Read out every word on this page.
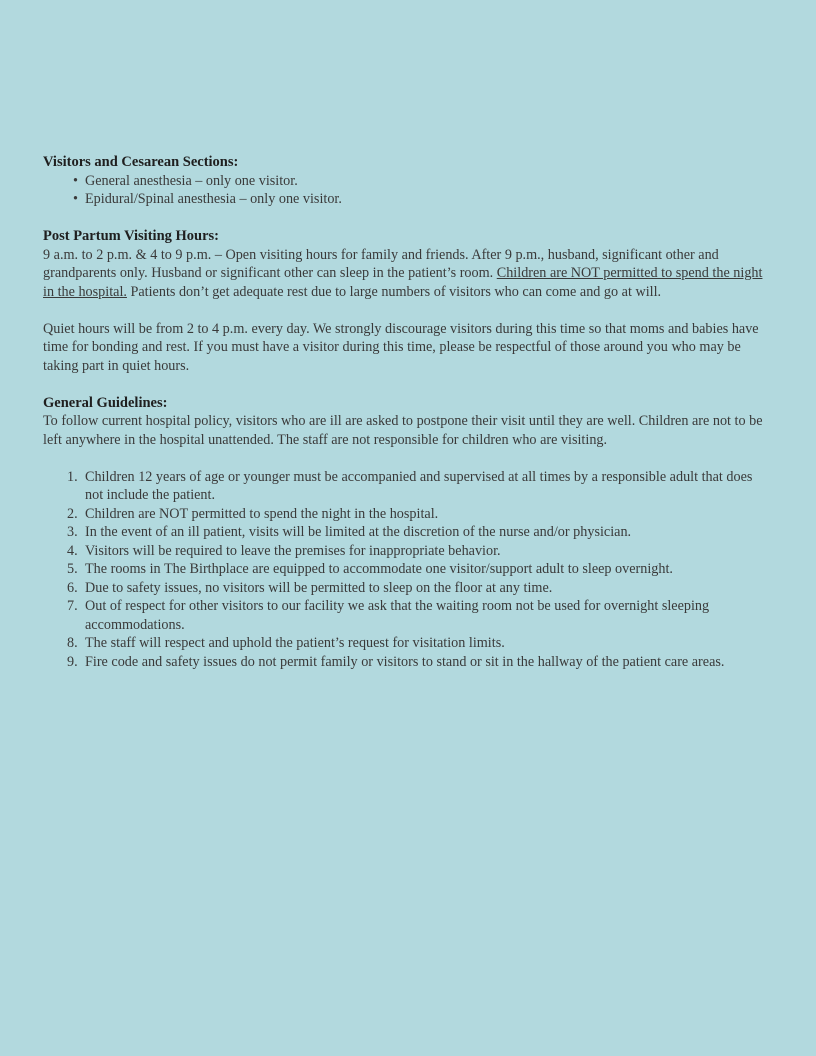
Visitors and Cesarean Sections:

• General anesthesia – only one visitor.
• Epidural/Spinal anesthesia – only one visitor.

Post Partum Visiting Hours:

9 a.m. to 2 p.m. & 4 to 9 p.m. – Open visiting hours for family and friends. After 9 p.m., husband, significant other and grandparents only. Husband or significant other can sleep in the patient’s room. Children are NOT permitted to spend the night in the hospital. Patients don’t get adequate rest due to large numbers of visitors who can come and go at will.

Quiet hours will be from 2 to 4 p.m. every day. We strongly discourage visitors during this time so that moms and babies have time for bonding and rest. If you must have a visitor during this time, please be respectful of those around you who may be taking part in quiet hours.

General Guidelines:

To follow current hospital policy, visitors who are ill are asked to postpone their visit until they are well. Children are not to be left anywhere in the hospital unattended. The staff are not responsible for children who are visiting.

1. Children 12 years of age or younger must be accompanied and supervised at all times by a responsible adult that does not include the patient.
2. Children are NOT permitted to spend the night in the hospital.
3. In the event of an ill patient, visits will be limited at the discretion of the nurse and/or physician.
4. Visitors will be required to leave the premises for inappropriate behavior.
5. The rooms in The Birthplace are equipped to accommodate one visitor/support adult to sleep overnight.
6. Due to safety issues, no visitors will be permitted to sleep on the floor at any time.
7. Out of respect for other visitors to our facility we ask that the waiting room not be used for overnight sleeping accommodations.
8. The staff will respect and uphold the patient’s request for visitation limits.
9. Fire code and safety issues do not permit family or visitors to stand or sit in the hallway of the patient care areas.
